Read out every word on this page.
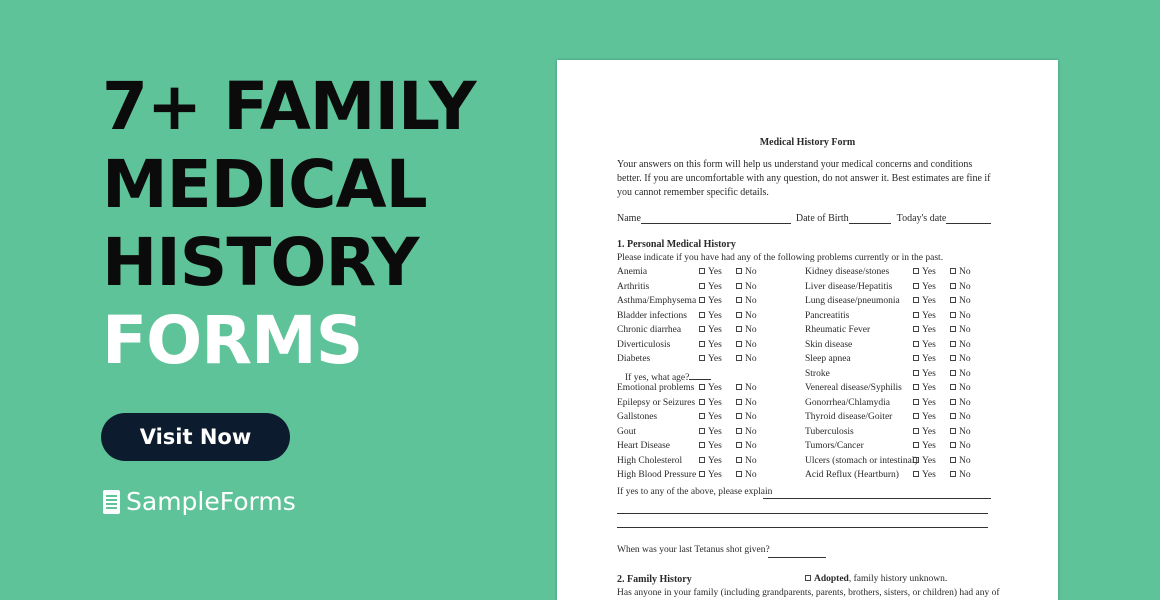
7+ FAMILY
MEDICAL
HISTORY
FORMS
Visit Now
SampleForms
Medical History Form
Your answers on this form will help us understand your medical concerns and conditions better. If you are uncomfortable with any question, do not answer it. Best estimates are fine if you cannot remember specific details.
Name	Date of Birth	Today's date
1. Personal Medical History
Please indicate if you have had any of the following problems currently or in the past.
If yes to any of the above, please explain
When was your last Tetanus shot given?
2. Family History	Adopted, family history unknown.
Has anyone in your family (including grandparents, parents, brothers, sisters, or children) had any of
Anemia	Yes	No
Arthritis	Yes	No
Asthma/Emphysema	Yes	No
Bladder infections	Yes	No
Chronic diarrhea	Yes	No
Diverticulosis	Yes	No
Diabetes	Yes	No
If yes, what age?
Emotional problems	Yes	No
Epilepsy or Seizures	Yes	No
Gallstones	Yes	No
Gout	Yes	No
Heart Disease	Yes	No
High Cholesterol	Yes	No
High Blood Pressure	Yes	No
Kidney disease/stones	Yes	No
Liver disease/Hepatitis	Yes	No
Lung disease/pneumonia	Yes	No
Pancreatitis	Yes	No
Rheumatic Fever	Yes	No
Skin disease	Yes	No
Sleep apnea	Yes	No
Stroke	Yes	No
Venereal disease/Syphilis	Yes	No
Gonorrhea/Chlamydia	Yes	No
Thyroid disease/Goiter	Yes	No
Tuberculosis	Yes	No
Tumors/Cancer	Yes	No
Ulcers (stomach or intestinal) Yes	No
Acid Reflux (Heartburn)	Yes	No
